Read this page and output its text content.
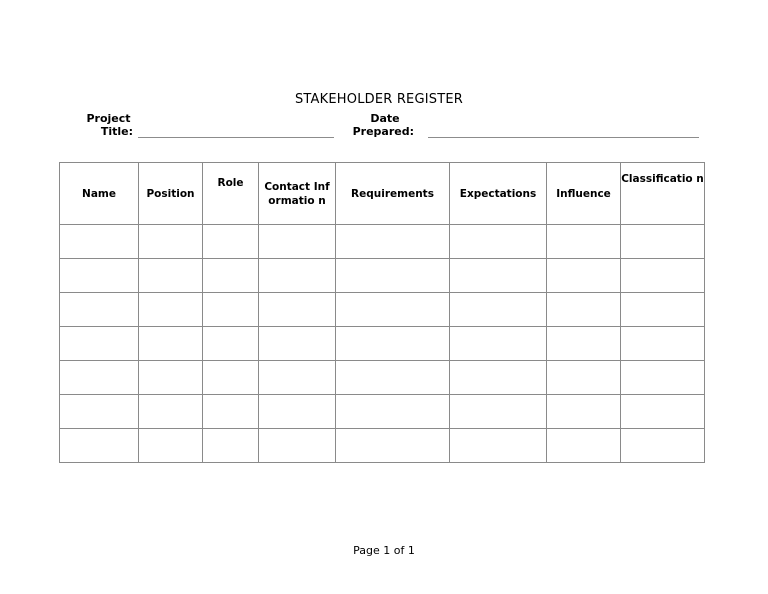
STAKEHOLDER REGISTER
Project
Title:
Date
Prepared:
Name	Position	Role	Contact Informatio n	Requirements	Expectations	Influence	Classificatio n

Page 1 of 1
